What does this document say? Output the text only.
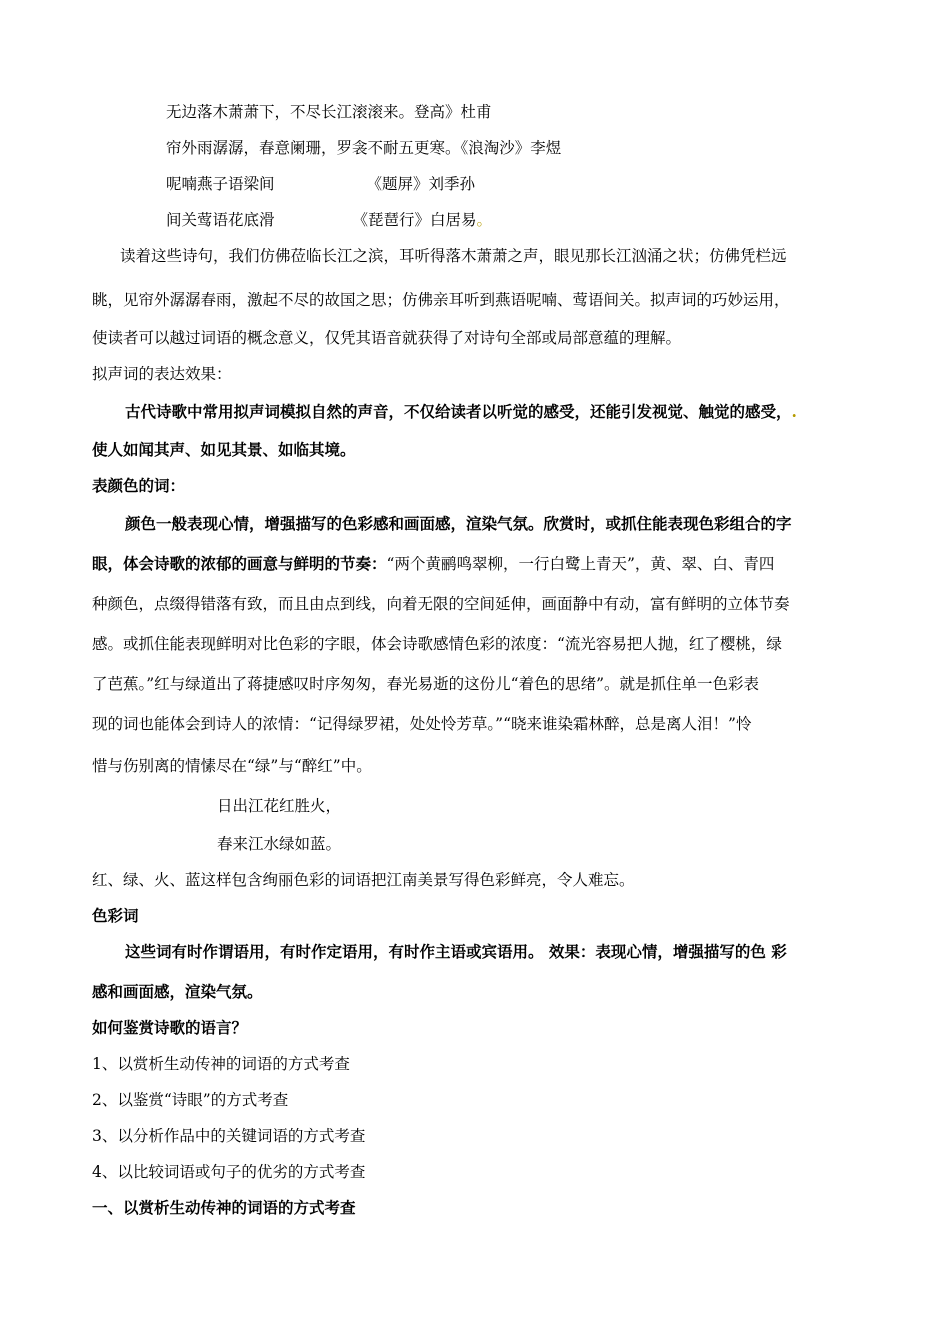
无边落木萧萧下，不尽长江滚滚来。登高》杜甫
帘外雨潺潺，春意阑珊，罗衾不耐五更寒。《浪淘沙》李煜
呢喃燕子语梁间	《题屏》刘季孙
间关莺语花底滑	《琵琶行》白居易。
读着这些诗句，我们仿佛莅临长江之滨，耳听得落木萧萧之声，眼见那长江汹涌之状；仿佛凭栏远
眺，见帘外潺潺春雨，激起不尽的故国之思；仿佛亲耳听到燕语呢喃、莺语间关。拟声词的巧妙运用，
使读者可以越过词语的概念意义，仅凭其语音就获得了对诗句全部或局部意蕴的理解。
拟声词的表达效果：
古代诗歌中常用拟声词模拟自然的声音，不仅给读者以听觉的感受，还能引发视觉、触觉的感受，.
使人如闻其声、如见其景、如临其境。
表颜色的词：
颜色一般表现心情，增强描写的色彩感和画面感，渲染气氛。欣赏时，或抓住能表现色彩组合的字
眼，体会诗歌的浓郁的画意与鲜明的节奏：“两个黄鹂鸣翠柳，一行白鹭上青天”，黄、翠、白、青四
种颜色，点缀得错落有致，而且由点到线，向着无限的空间延伸，画面静中有动，富有鲜明的立体节奏
感。或抓住能表现鲜明对比色彩的字眼，体会诗歌感情色彩的浓度：“流光容易把人抛，红了樱桃，绿
了芭蕉。”红与绿道出了蒋捷感叹时序匆匆，春光易逝的这份儿“着色的思绪”。就是抓住单一色彩表
现的词也能体会到诗人的浓情：“记得绿罗裙，处处怜芳草。”“晓来谁染霜林醉，总是离人泪！”怜
惜与伤别离的情愫尽在“绿”与“醉红”中。
日出江花红胜火，
春来江水绿如蓝。
红、绿、火、蓝这样包含绚丽色彩的词语把江南美景写得色彩鲜亮，令人难忘。
色彩词
这些词有时作谓语用，有时作定语用，有时作主语或宾语用。 效果：表现心情，增强描写的色 彩
感和画面感，渲染气氛。
如何鉴赏诗歌的语言？
1、以赏析生动传神的词语的方式考查
2、以鉴赏“诗眼”的方式考查
3、以分析作品中的关键词语的方式考查
4、以比较词语或句子的优劣的方式考查
一、以赏析生动传神的词语的方式考查
